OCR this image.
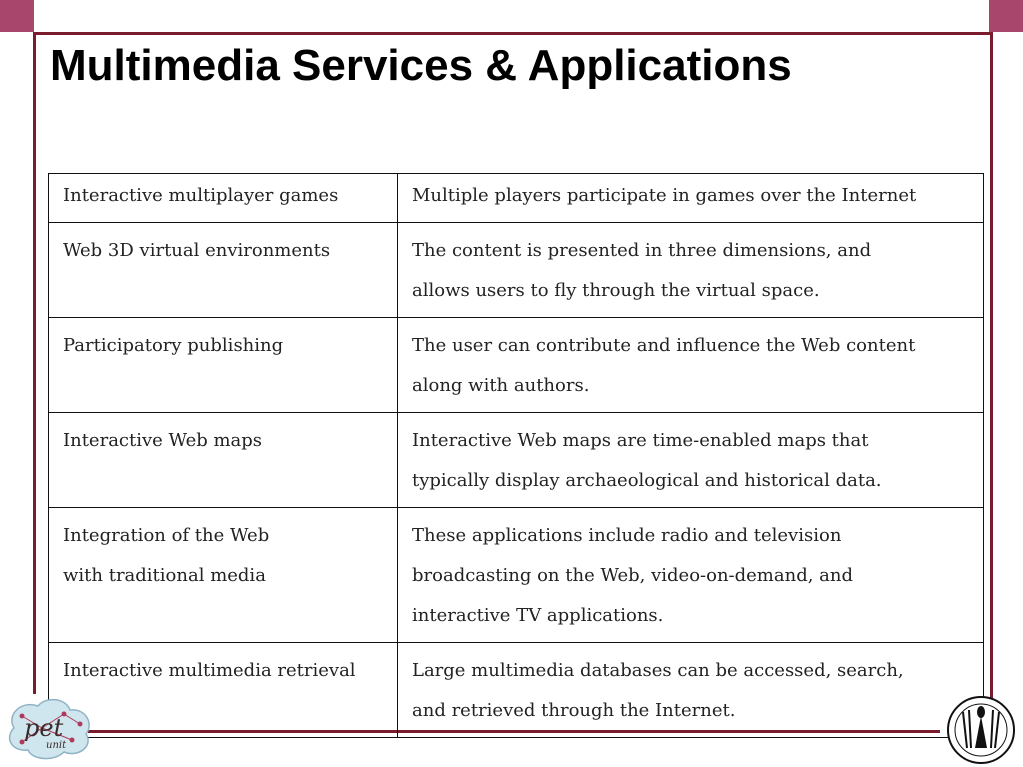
Multimedia Services & Applications
Interactive multiplayer games	Multiple players participate in games over the Internet

Web 3D virtual environments	The content is presented in three dimensions, and
allows users to fly through the virtual space.

Participatory publishing	The user can contribute and influence the Web content
along with authors.

Interactive Web maps	Interactive Web maps are time-enabled maps that
typically display archaeological and historical data.

Integration of the Web
with traditional media	These applications include radio and television
broadcasting on the Web, video-on-demand, and
interactive TV applications.

Interactive multimedia retrieval	Large multimedia databases can be accessed, search,
and retrieved through the Internet.
pet
unit
